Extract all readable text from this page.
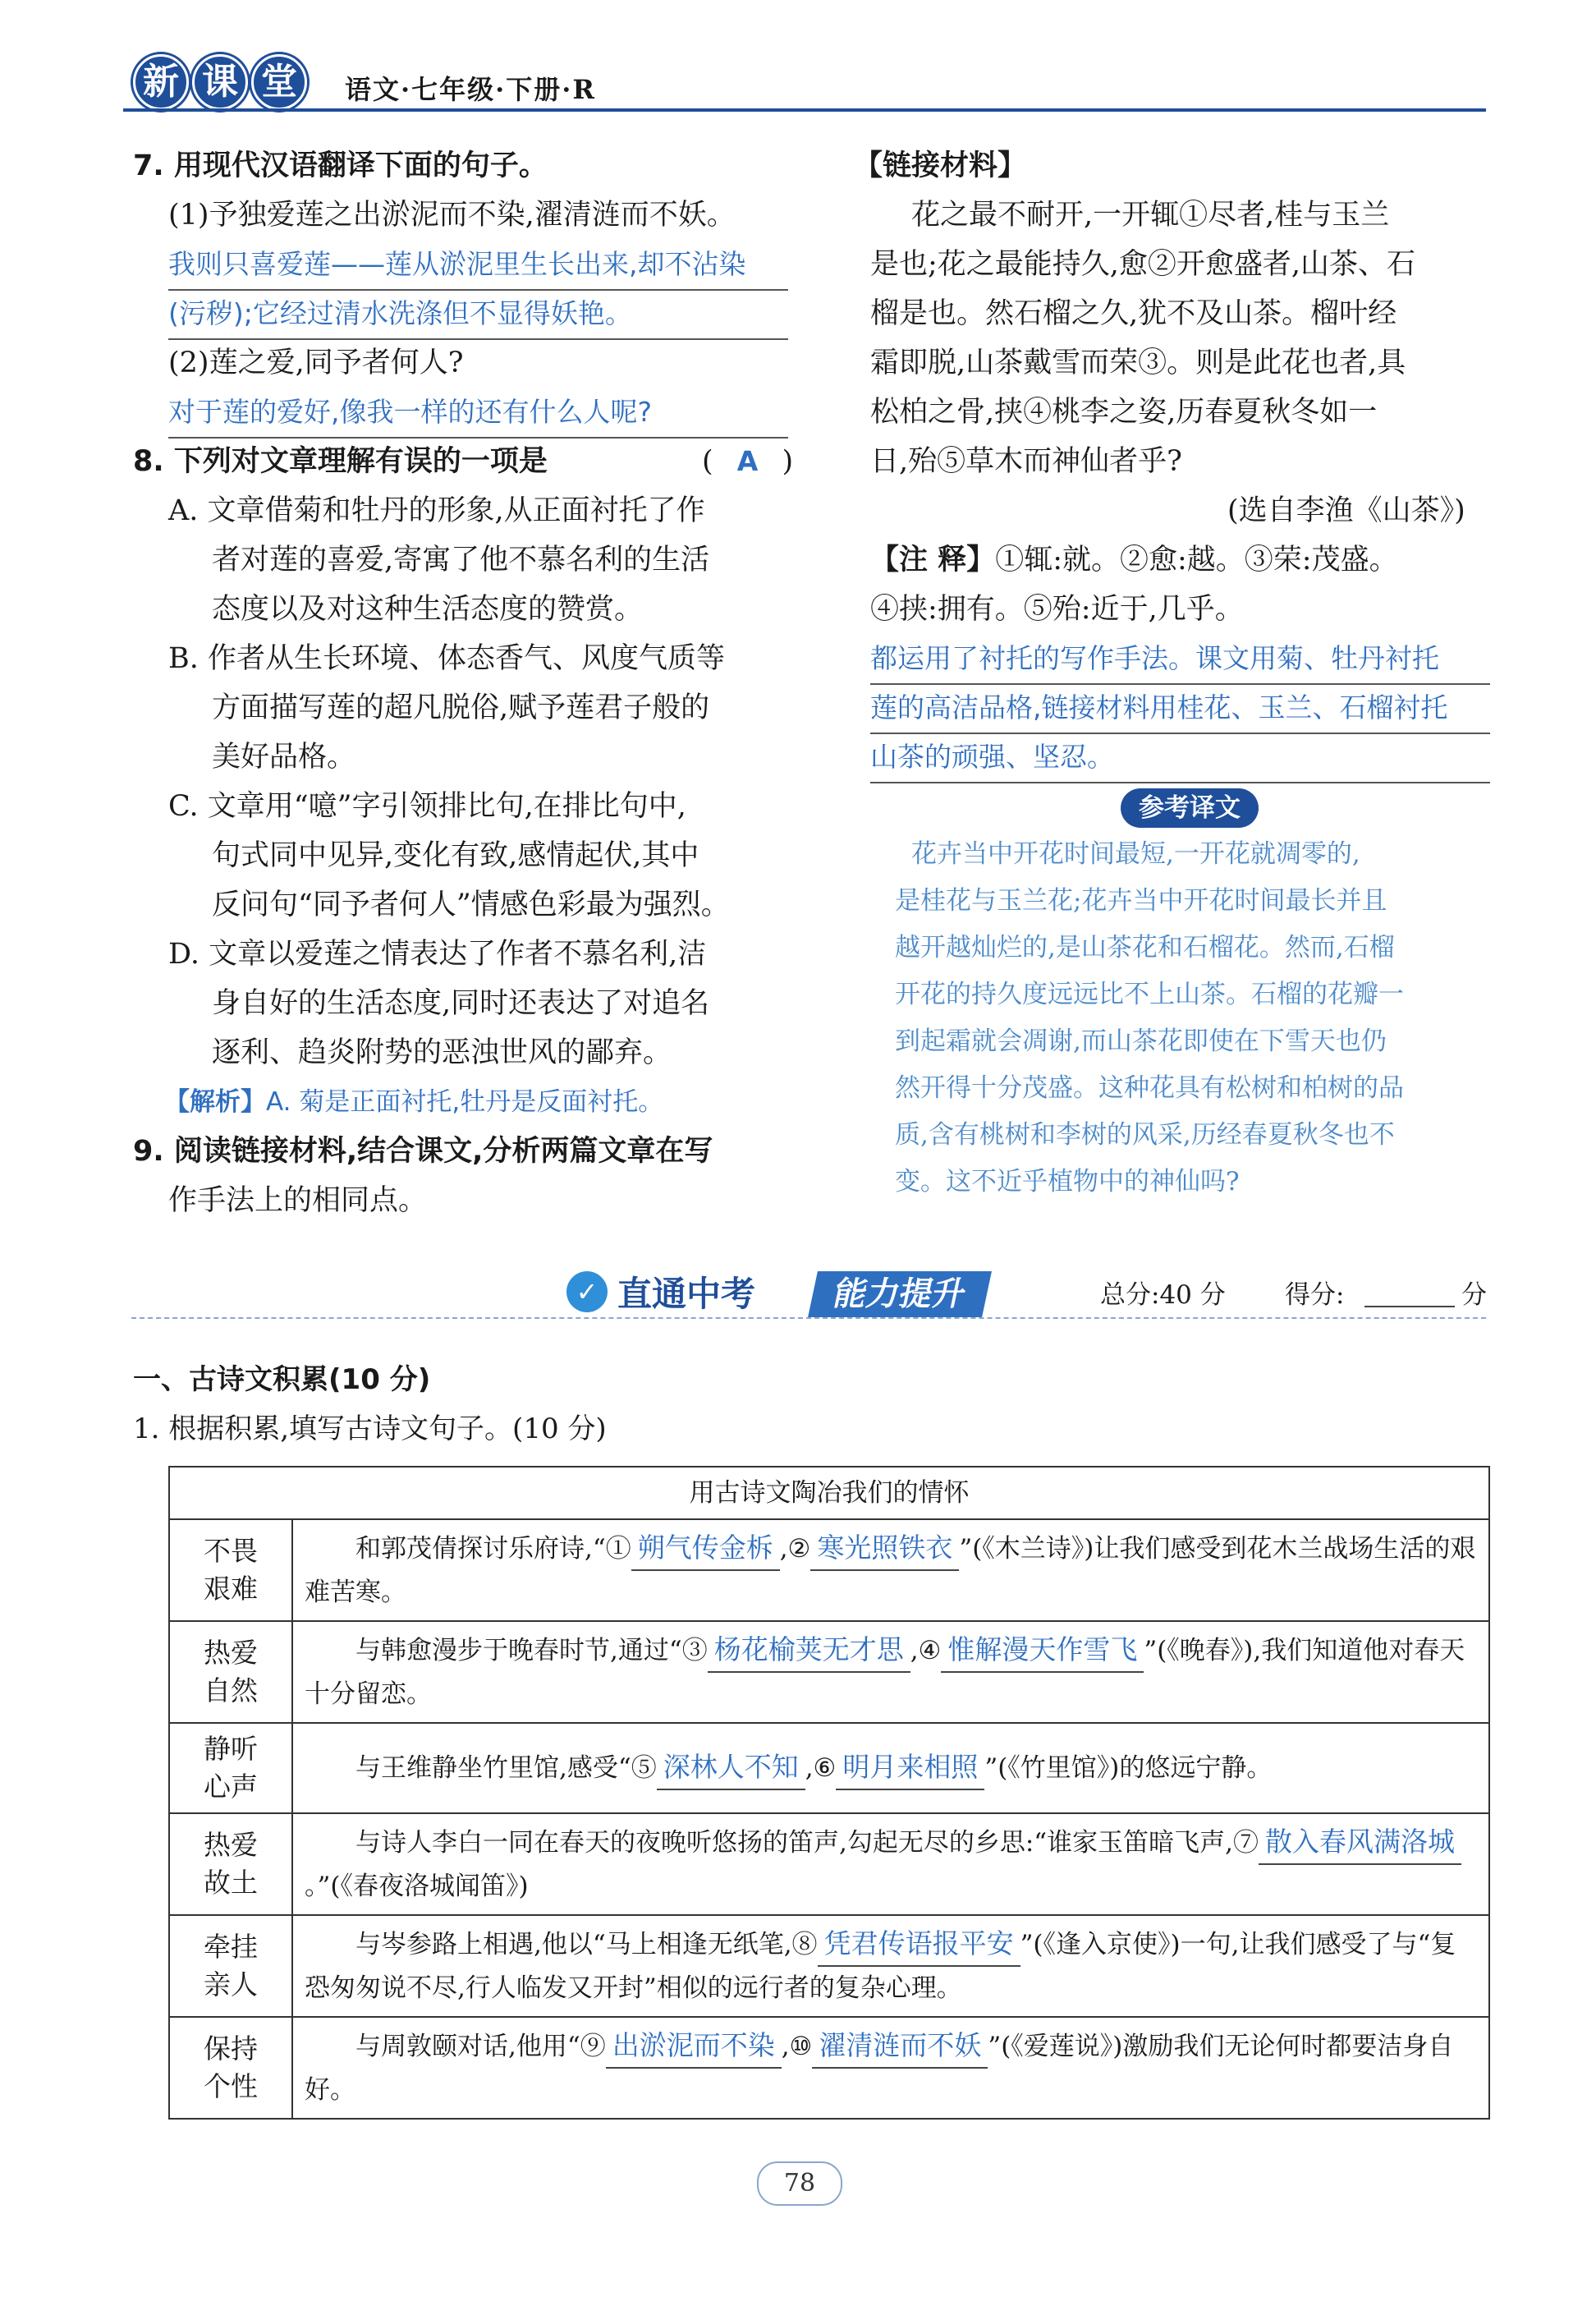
新 课 堂	语文·七年级·下册·R
7. 用现代汉语翻译下面的句子。
(1)予独爱莲之出淤泥而不染,濯清涟而不妖。
我则只喜爱莲——莲从淤泥里生长出来,却不沾染
(污秽);它经过清水洗涤但不显得妖艳。
(2)莲之爱,同予者何人?
对于莲的爱好,像我一样的还有什么人呢?
8. 下列对文章理解有误的一项是	( A )
A. 文章借菊和牡丹的形象,从正面衬托了作
者对莲的喜爱,寄寓了他不慕名利的生活
态度以及对这种生活态度的赞赏。
B. 作者从生长环境、体态香气、风度气质等
方面描写莲的超凡脱俗,赋予莲君子般的
美好品格。
C. 文章用“噫”字引领排比句,在排比句中,
句式同中见异,变化有致,感情起伏,其中
反问句“同予者何人”情感色彩最为强烈。
D. 文章以爱莲之情表达了作者不慕名利,洁
身自好的生活态度,同时还表达了对追名
逐利、趋炎附势的恶浊世风的鄙弃。
【解析】A. 菊是正面衬托,牡丹是反面衬托。
9. 阅读链接材料,结合课文,分析两篇文章在写
作手法上的相同点。
【链接材料】
花之最不耐开,一开辄①尽者,桂与玉兰
是也;花之最能持久,愈②开愈盛者,山茶、石
榴是也。然石榴之久,犹不及山茶。榴叶经
霜即脱,山茶戴雪而荣③。则是此花也者,具
松柏之骨,挟④桃李之姿,历春夏秋冬如一
日,殆⑤草木而神仙者乎?
(选自李渔《山茶》)
【注 释】①辄:就。②愈:越。③荣:茂盛。
④挟:拥有。⑤殆:近于,几乎。
都运用了衬托的写作手法。课文用菊、牡丹衬托
莲的高洁品格,链接材料用桂花、玉兰、石榴衬托
山茶的顽强、坚忍。
参考译文
花卉当中开花时间最短,一开花就凋零的,
是桂花与玉兰花;花卉当中开花时间最长并且
越开越灿烂的,是山茶花和石榴花。然而,石榴
开花的持久度远远比不上山茶。石榴的花瓣一
到起霜就会凋谢,而山茶花即使在下雪天也仍
然开得十分茂盛。这种花具有松树和柏树的品
质,含有桃树和李树的风采,历经春夏秋冬也不
变。这不近乎植物中的神仙吗?
✓ 直通中考	能力提升	总分:40 分 得分:	分
一、古诗文积累(10 分)
1. 根据积累,填写古诗文句子。(10 分)
用古诗文陶冶我们的情怀	
不畏
艰难	  和郭茂倩探讨乐府诗,“① 朔气传金柝 ,② 寒光照铁衣 ”(《木兰诗》)让我们感受到花木兰战场生活的艰难苦寒。
热爱
自然	  与韩愈漫步于晚春时节,通过“③ 杨花榆荚无才思 ,④ 惟解漫天作雪飞 ”(《晚春》),我们知道他对春天十分留恋。
静听
心声	  与王维静坐竹里馆,感受“⑤ 深林人不知 ,⑥ 明月来相照 ”(《竹里馆》)的悠远宁静。
热爱
故土	  与诗人李白一同在春天的夜晚听悠扬的笛声,勾起无尽的乡思:“谁家玉笛暗飞声,⑦ 散入春风满洛城。”(《春夜洛城闻笛》)
牵挂
亲人	  与岑参路上相遇,他以“马上相逢无纸笔,⑧ 凭君传语报平安 ”(《逢入京使》)一句,让我们感受了与“复恐匆匆说不尽,行人临发又开封”相似的远行者的复杂心理。
保持
个性	  与周敦颐对话,他用“⑨ 出淤泥而不染 ,⑩ 濯清涟而不妖 ”(《爱莲说》)激励我们无论何时都要洁身自好。
78
